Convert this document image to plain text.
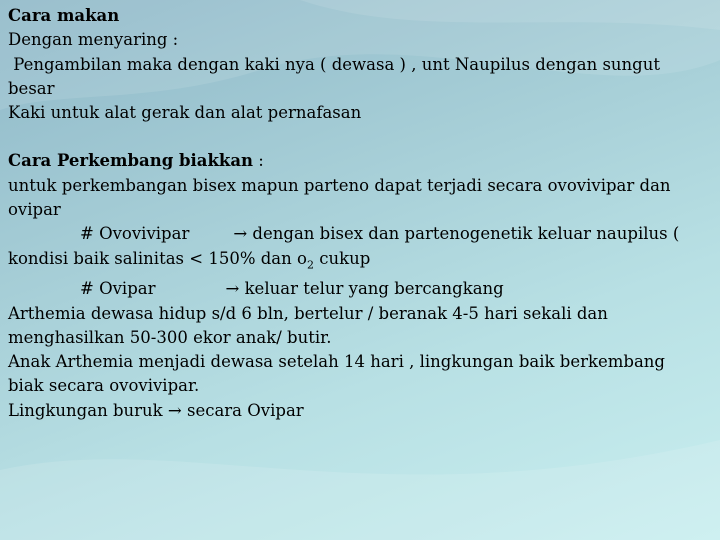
Cara makan
Dengan menyaring :
Pengambilan maka dengan kaki nya ( dewasa ) , unt Naupilus dengan sungut
besar
Kaki untuk alat gerak dan alat pernafasan
Cara Perkembang biakkan :
untuk perkembangan bisex mapun parteno dapat terjadi secara ovovivipar dan
ovipar
# Ovovivipar	→ dengan bisex dan partenogenetik keluar naupilus (
kondisi baik salinitas < 150% dan $o_2$ cukup
# Ovipar	→ keluar telur yang bercangkang
Arthemia dewasa hidup s/d 6 bln, bertelur / beranak 4-5 hari sekali dan
menghasilkan 50-300 ekor anak/ butir.
Anak Arthemia menjadi dewasa setelah 14 hari , lingkungan baik berkembang
biak secara ovovivipar.
Lingkungan buruk → secara Ovipar
